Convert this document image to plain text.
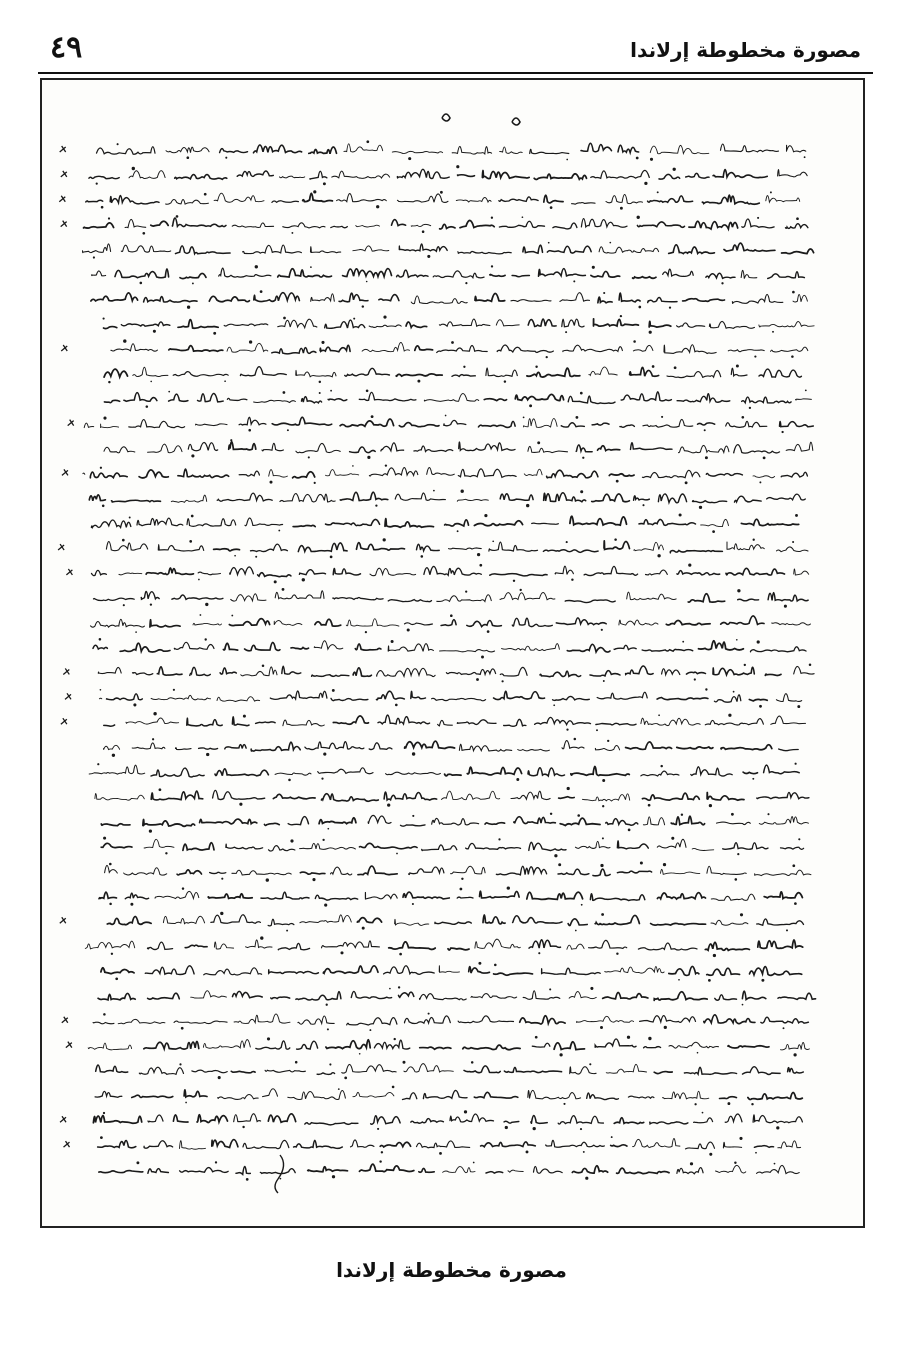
٤٩	مصورة مخطوطة إرلاندا
مصورة مخطوطة إرلاندا
